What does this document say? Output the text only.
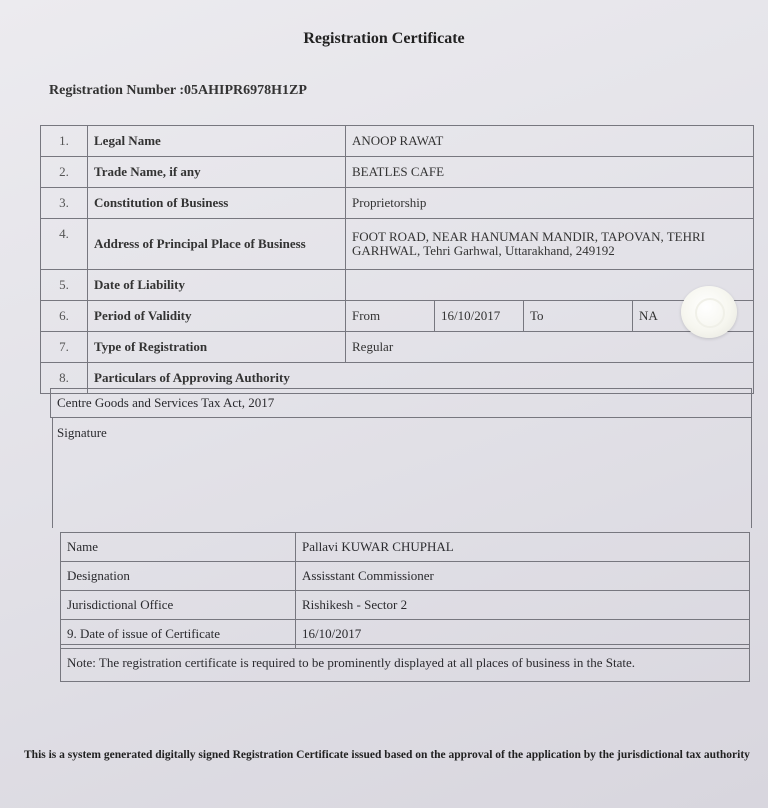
Registration Certificate
Registration Number :05AHIPR6978H1ZP
1.	Legal Name	ANOOP RAWAT			
2.	Trade Name, if any	BEATLES CAFE			
3.	Constitution of Business	Proprietorship			
4.	Address of Principal Place of Business	FOOT ROAD, NEAR HANUMAN MANDIR, TAPOVAN, TEHRI GARHWAL, Tehri Garhwal, Uttarakhand, 249192			
5.	Date of Liability				
6.	Period of Validity	From	16/10/2017	To	NA
7.	Type of Registration	Regular			
8.	Particulars of Approving Authority				
Centre Goods and Services Tax Act, 2017
Signature
Name	Pallavi KUWAR CHUPHAL
Designation	Assisstant Commissioner
Jurisdictional Office	Rishikesh - Sector 2
9. Date of issue of Certificate	16/10/2017
Note: The registration certificate is required to be prominently displayed at all places of business in the State.
This is a system generated digitally signed Registration Certificate issued based on the approval of the application by the jurisdictional tax authority
